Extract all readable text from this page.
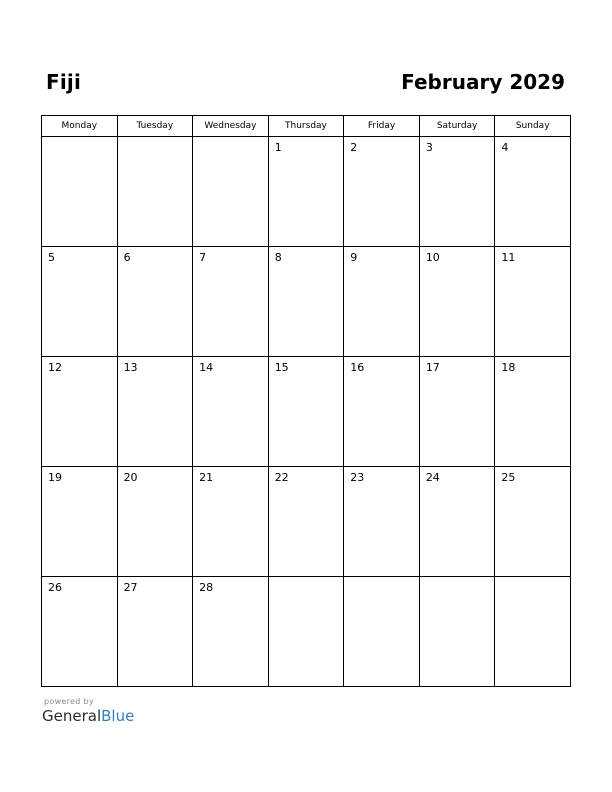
Fiji	February 2029
Monday	Tuesday	Wednesday	Thursday	Friday	Saturday	Sunday

			1	2	3	4

5	6	7	8	9	10	11

12	13	14	15	16	17	18

19	20	21	22	23	24	25

26	27	28				

powered by
GeneralBlue
